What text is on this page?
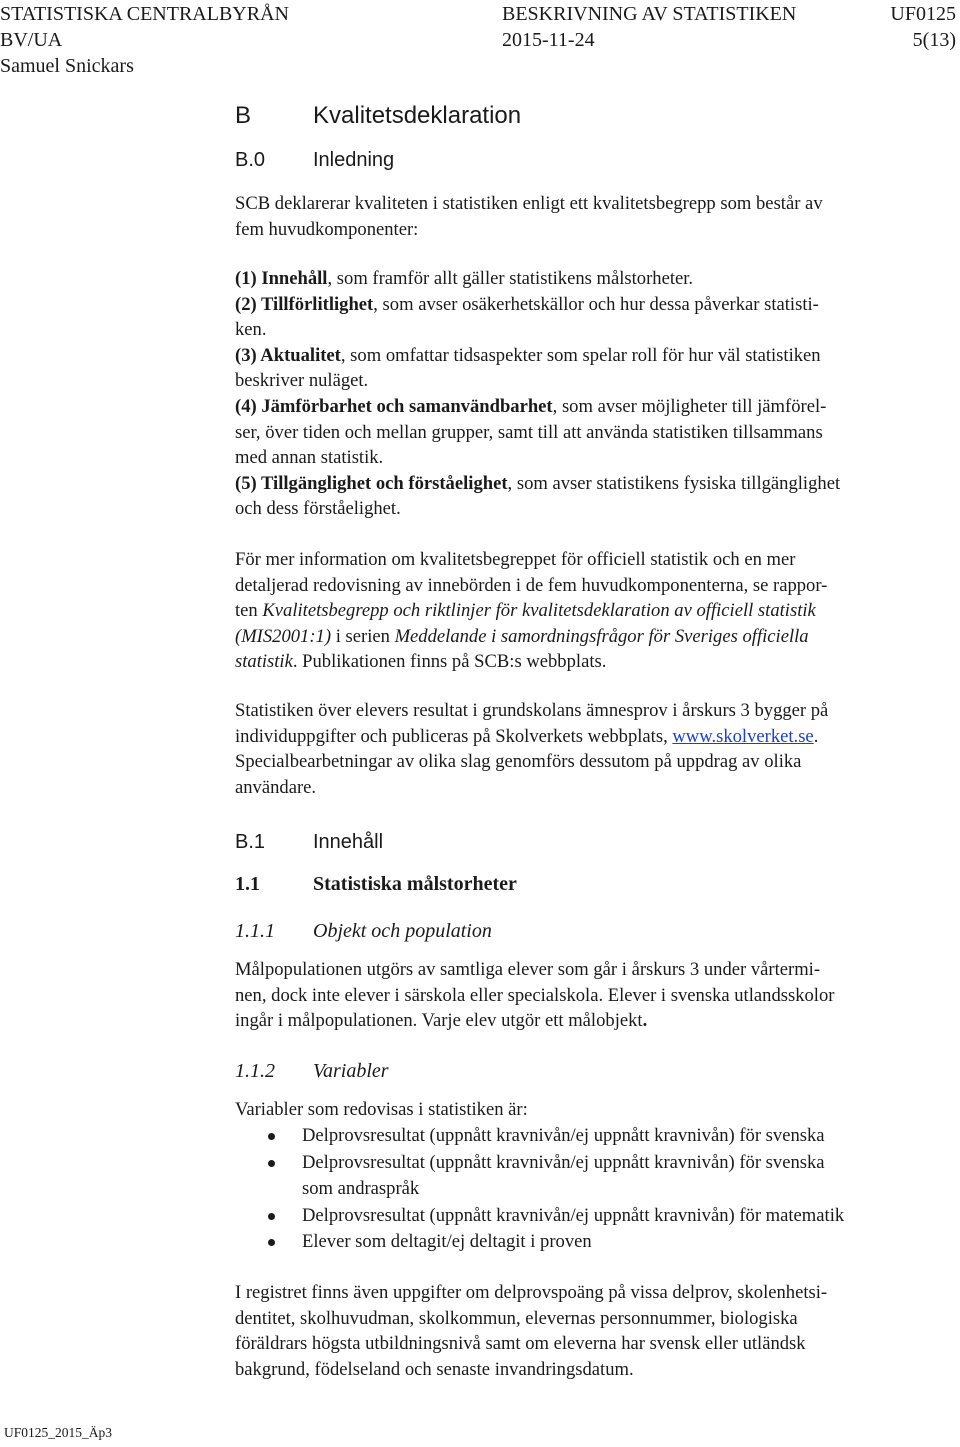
STATISTISKA CENTRALBYRÅN	BESKRIVNING AV STATISTIKEN	UF0125
BV/UA	2015-11-24	5(13)
Samuel Snickars
B	Kvalitetsdeklaration
B.0 Inledning
SCB deklarerar kvaliteten i statistiken enligt ett kvalitetsbegrepp som består av
fem huvudkomponenter:
(1) Innehåll, som framför allt gäller statistikens målstorheter.
(2) Tillförlitlighet, som avser osäkerhetskällor och hur dessa påverkar statisti-
ken.
(3) Aktualitet, som omfattar tidsaspekter som spelar roll för hur väl statistiken
beskriver nuläget.
(4) Jämförbarhet och samanvändbarhet, som avser möjligheter till jämförel-
ser, över tiden och mellan grupper, samt till att använda statistiken tillsammans
med annan statistik.
(5) Tillgänglighet och förståelighet, som avser statistikens fysiska tillgänglighet
och dess förståelighet.
För mer information om kvalitetsbegreppet för officiell statistik och en mer
detaljerad redovisning av innebörden i de fem huvudkomponenterna, se rappor-
ten Kvalitetsbegrepp och riktlinjer för kvalitetsdeklaration av officiell statistik
(MIS2001:1) i serien Meddelande i samordningsfrågor för Sveriges officiella
statistik. Publikationen finns på SCB:s webbplats.
Statistiken över elevers resultat i grundskolans ämnesprov i årskurs 3 bygger på
individuppgifter och publiceras på Skolverkets webbplats, www.skolverket.se.
Specialbearbetningar av olika slag genomförs dessutom på uppdrag av olika
användare.
B.1 Innehåll
1.1	Statistiska målstorheter
1.1.1 Objekt och population
Målpopulationen utgörs av samtliga elever som går i årskurs 3 under vårtermi-
nen, dock inte elever i särskola eller specialskola. Elever i svenska utlandsskolor
ingår i målpopulationen. Varje elev utgör ett målobjekt.
1.1.2 Variabler
Variabler som redovisas i statistiken är:
Delprovsresultat (uppnått kravnivån/ej uppnått kravnivån) för svenska
Delprovsresultat (uppnått kravnivån/ej uppnått kravnivån) för svenska
som andraspråk
Delprovsresultat (uppnått kravnivån/ej uppnått kravnivån) för matematik
Elever som deltagit/ej deltagit i proven
I registret finns även uppgifter om delprovspoäng på vissa delprov, skolenhetsi-
dentitet, skolhuvudman, skolkommun, elevernas personnummer, biologiska
föräldrars högsta utbildningsnivå samt om eleverna har svensk eller utländsk
bakgrund, födelseland och senaste invandringsdatum.
UF0125_2015_Äp3
